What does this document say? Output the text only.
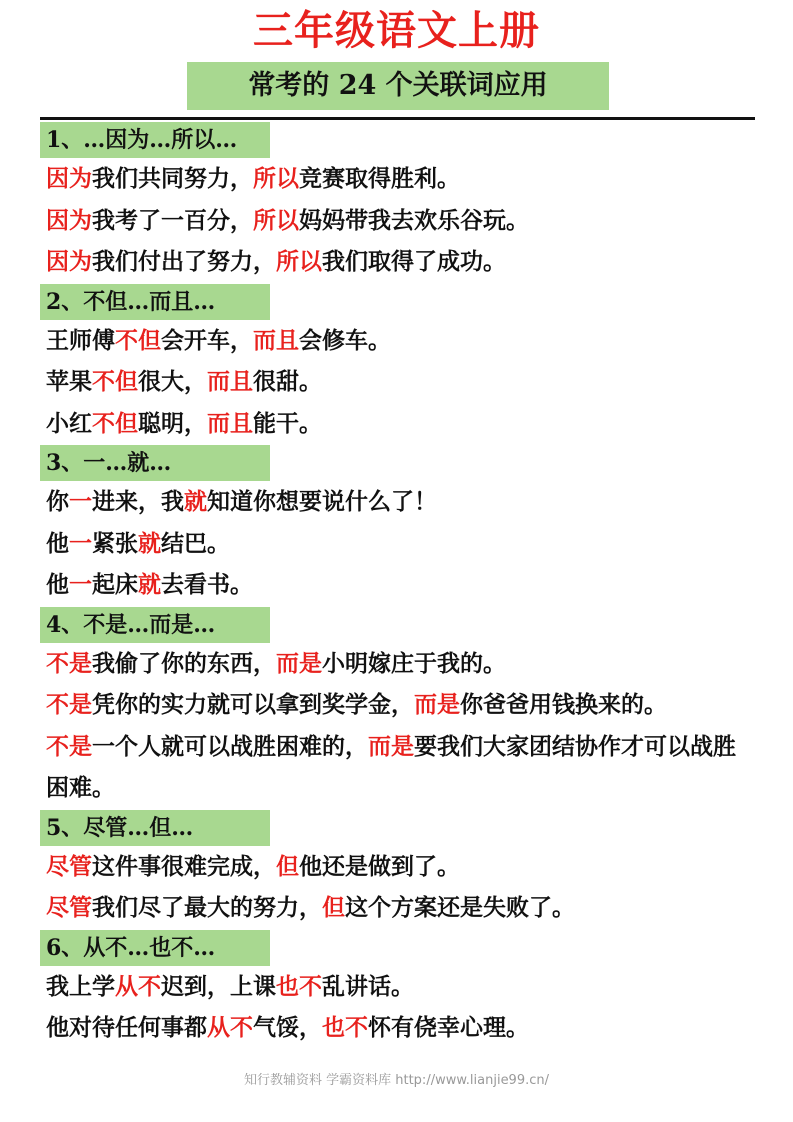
三年级语文上册
常考的 24 个关联词应用
1、…因为…所以…
因为我们共同努力，所以竞赛取得胜利。
因为我考了一百分，所以妈妈带我去欢乐谷玩。
因为我们付出了努力，所以我们取得了成功。
2、不但…而且…
王师傅不但会开车，而且会修车。
苹果不但很大，而且很甜。
小红不但聪明，而且能干。
3、一…就…
你一进来，我就知道你想要说什么了！
他一紧张就结巴。
他一起床就去看书。
4、不是…而是…
不是我偷了你的东西，而是小明嫁庄于我的。
不是凭你的实力就可以拿到奖学金，而是你爸爸用钱换来的。
不是一个人就可以战胜困难的，而是要我们大家团结协作才可以战胜困难。
5、尽管…但…
尽管这件事很难完成，但他还是做到了。
尽管我们尽了最大的努力，但这个方案还是失败了。
6、从不…也不…
我上学从不迟到，上课也不乱讲话。
他对待任何事都从不气馁，也不怀有侥幸心理。
知行教辅资料 学霸资料库 http://www.lianjie99.cn/
